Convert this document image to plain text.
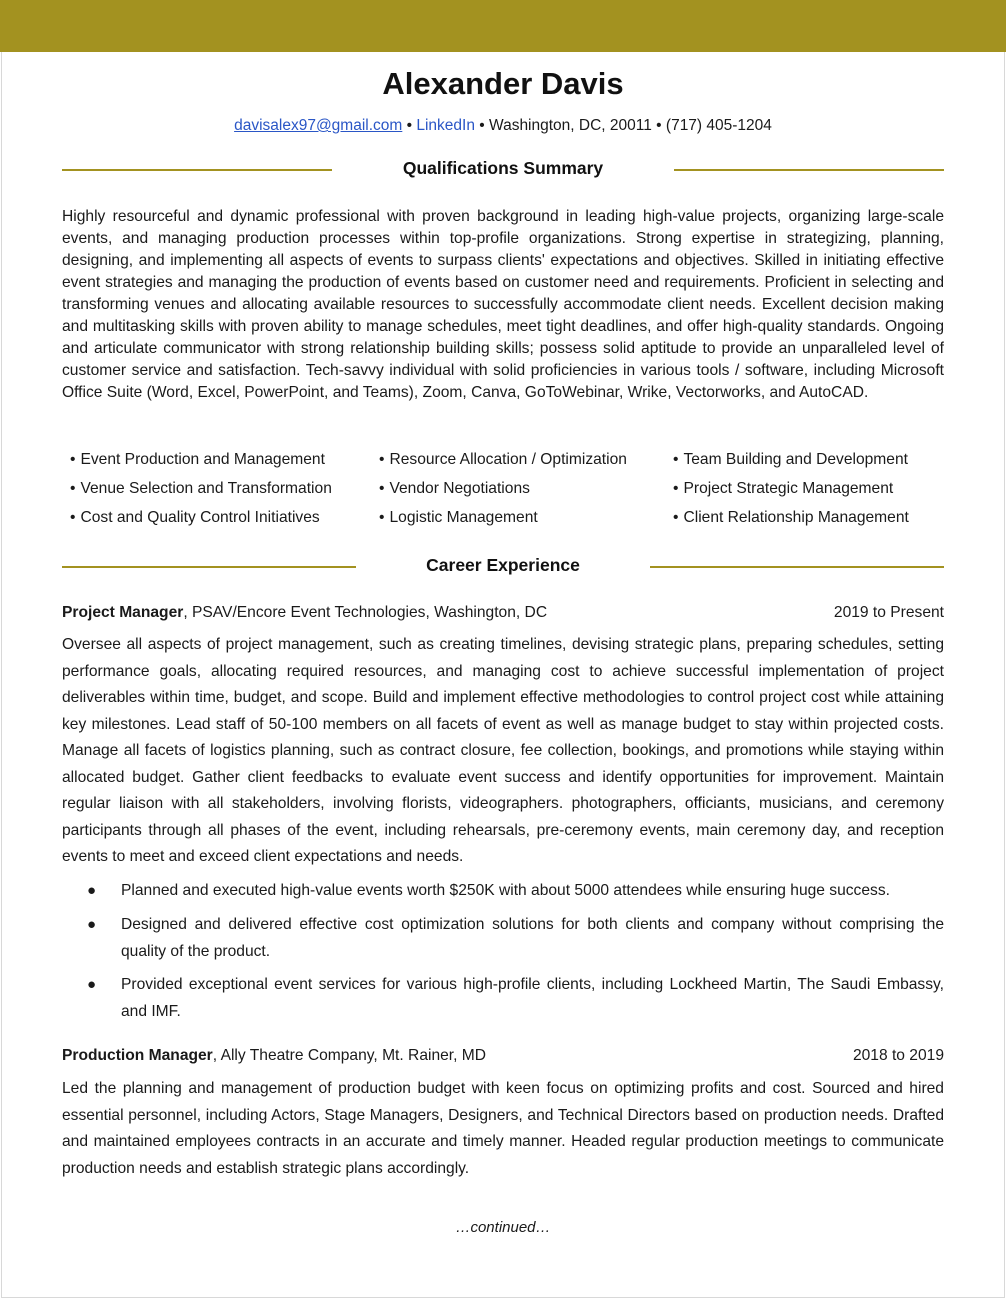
Alexander Davis
davisalex97@gmail.com • LinkedIn • Washington, DC, 20011 • (717) 405-1204
Qualifications Summary
Highly resourceful and dynamic professional with proven background in leading high-value projects, organizing large-scale events, and managing production processes within top-profile organizations. Strong expertise in strategizing, planning, designing, and implementing all aspects of events to surpass clients' expectations and objectives. Skilled in initiating effective event strategies and managing the production of events based on customer need and requirements. Proficient in selecting and transforming venues and allocating available resources to successfully accommodate client needs. Excellent decision making and multitasking skills with proven ability to manage schedules, meet tight deadlines, and offer high-quality standards. Ongoing and articulate communicator with strong relationship building skills; possess solid aptitude to provide an unparalleled level of customer service and satisfaction. Tech-savvy individual with solid proficiencies in various tools / software, including Microsoft Office Suite (Word, Excel, PowerPoint, and Teams), Zoom, Canva, GoToWebinar, Wrike, Vectorworks, and AutoCAD.
• Event Production and Management	• Resource Allocation / Optimization	• Team Building and Development
• Venue Selection and Transformation	• Vendor Negotiations	• Project Strategic Management
• Cost and Quality Control Initiatives	• Logistic Management	• Client Relationship Management
Career Experience
Project Manager, PSAV/Encore Event Technologies, Washington, DC	2019 to Present
Oversee all aspects of project management, such as creating timelines, devising strategic plans, preparing schedules, setting performance goals, allocating required resources, and managing cost to achieve successful implementation of project deliverables within time, budget, and scope. Build and implement effective methodologies to control project cost while attaining key milestones. Lead staff of 50-100 members on all facets of event as well as manage budget to stay within projected costs. Manage all facets of logistics planning, such as contract closure, fee collection, bookings, and promotions while staying within allocated budget. Gather client feedbacks to evaluate event success and identify opportunities for improvement. Maintain regular liaison with all stakeholders, involving florists, videographers. photographers, officiants, musicians, and ceremony participants through all phases of the event, including rehearsals, pre-ceremony events, main ceremony day, and reception events to meet and exceed client expectations and needs.
● Planned and executed high-value events worth $250K with about 5000 attendees while ensuring huge success.
● Designed and delivered effective cost optimization solutions for both clients and company without comprising the quality of the product.
● Provided exceptional event services for various high-profile clients, including Lockheed Martin, The Saudi Embassy, and IMF.
Production Manager, Ally Theatre Company, Mt. Rainer, MD	2018 to 2019
Led the planning and management of production budget with keen focus on optimizing profits and cost. Sourced and hired essential personnel, including Actors, Stage Managers, Designers, and Technical Directors based on production needs. Drafted and maintained employees contracts in an accurate and timely manner. Headed regular production meetings to communicate production needs and establish strategic plans accordingly.
…continued…
